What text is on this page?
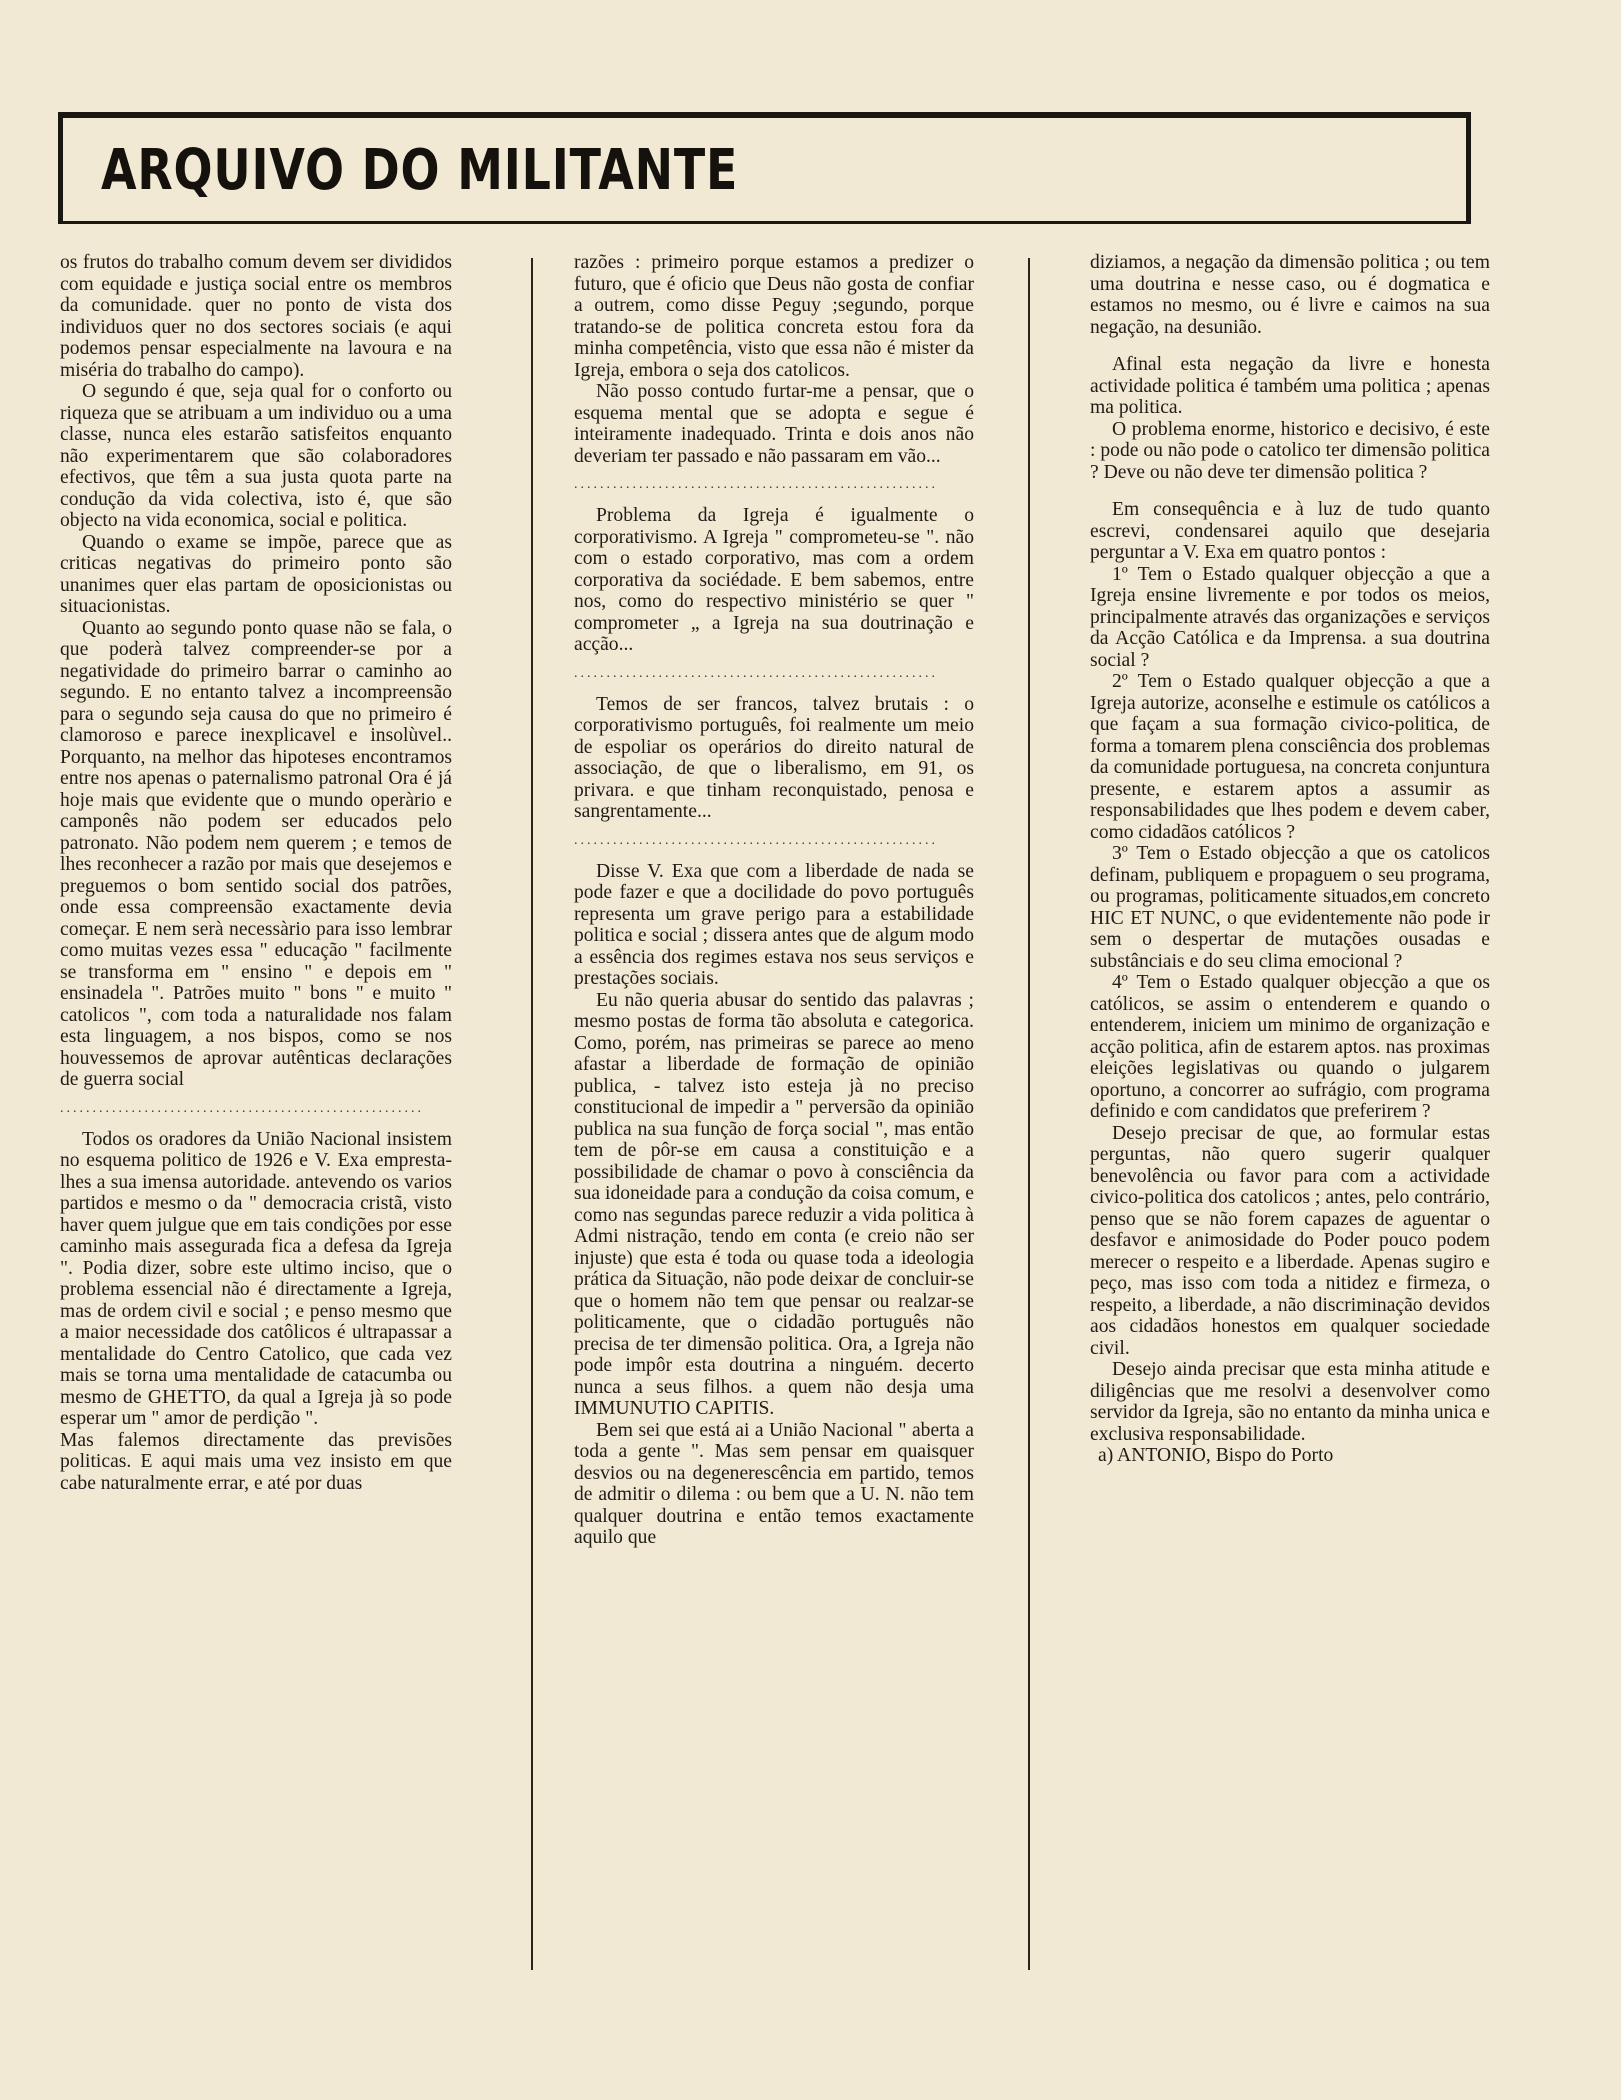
ARQUIVO DO MILITANTE

os frutos do trabalho comum devem ser divididos com equidade e justiça social entre os membros da comunidade. quer no ponto de vista dos individuos quer no dos sectores sociais (e aqui podemos pensar especialmente na lavoura e na miséria do trabalho do campo).

O segundo é que, seja qual for o conforto ou riqueza que se atribuam a um individuo ou a uma classe, nunca eles estarão satisfeitos enquanto não experimentarem que são colaboradores efectivos, que têm a sua justa quota parte na condução da vida colectiva, isto é, que são objecto na vida economica, social e politica.

Quando o exame se impõe, parece que as criticas negativas do primeiro ponto são unanimes quer elas partam de oposicionistas ou situacionistas.

Quanto ao segundo ponto quase não se fala, o que poderà talvez compreender-se por a negatividade do primeiro barrar o caminho ao segundo. E no entanto talvez a incompreensão para o segundo seja causa do que no primeiro é clamoroso e parece inexplicavel e insolùvel.. Porquanto, na melhor das hipoteses encontramos entre nos apenas o paternalismo patronal Ora é já hoje mais que evidente que o mundo operàrio e camponês não podem ser educados pelo patronato. Não podem nem querem ; e temos de lhes reconhecer a razão por mais que desejemos e preguemos o bom sentido social dos patrões, onde essa compreensão exactamente devia começar. E nem serà necessàrio para isso lembrar como muitas vezes essa " educação " facilmente se transforma em " ensino " e depois em " ensinadela ". Patrões muito " bons " e muito " catolicos ", com toda a naturalidade nos falam esta linguagem, a nos bispos, como se nos houvessemos de aprovar autênticas declarações de guerra social

........................................................

Todos os oradores da União Nacional insistem no esquema politico de 1926 e V. Exa empresta-lhes a sua imensa autoridade. antevendo os varios partidos e mesmo o da " democracia cristã, visto haver quem julgue que em tais condições por esse caminho mais assegurada fica a defesa da Igreja ". Podia dizer, sobre este ultimo inciso, que o problema essencial não é directamente a Igreja, mas de ordem civil e social ; e penso mesmo que a maior necessidade dos catôlicos é ultrapassar a mentalidade do Centro Catolico, que cada vez mais se torna uma mentalidade de catacumba ou mesmo de GHETTO, da qual a Igreja jà so pode esperar um " amor de perdição ".

Mas falemos directamente das previsões politicas. E aqui mais uma vez insisto em que cabe naturalmente errar, e até por duas

razões : primeiro porque estamos a predizer o futuro, que é oficio que Deus não gosta de confiar a outrem, como disse Peguy ;segundo, porque tratando-se de politica concreta estou fora da minha competência, visto que essa não é mister da Igreja, embora o seja dos catolicos.

Não posso contudo furtar-me a pensar, que o esquema mental que se adopta e segue é inteiramente inadequado. Trinta e dois anos não deveriam ter passado e não passaram em vão...

........................................................

Problema da Igreja é igualmente o corporativismo. A Igreja " comprometeu-se ". não com o estado corporativo, mas com a ordem corporativa da sociédade. E bem sabemos, entre nos, como do respectivo ministério se quer " comprometer „ a Igreja na sua doutrinação e acção...

........................................................

Temos de ser francos, talvez brutais : o corporativismo português, foi realmente um meio de espoliar os operários do direito natural de associação, de que o liberalismo, em 91, os privara. e que tinham reconquistado, penosa e sangrentamente...

........................................................

Disse V. Exa que com a liberdade de nada se pode fazer e que a docilidade do povo português representa um grave perigo para a estabilidade politica e social ; dissera antes que de algum modo a essência dos regimes estava nos seus serviços e prestações sociais.

Eu não queria abusar do sentido das palavras ; mesmo postas de forma tão absoluta e categorica. Como, porém, nas primeiras se parece ao meno afastar a liberdade de formação de opinião publica, - talvez isto esteja jà no preciso constitucional de impedir a " perversão da opinião publica na sua função de força social ", mas então tem de pôr-se em causa a constituição e a possibilidade de chamar o povo à consciência da sua idoneidade para a condução da coisa comum, e como nas segundas parece reduzir a vida politica à Admi nistração, tendo em conta (e creio não ser injuste) que esta é toda ou quase toda a ideologia prática da Situação, não pode deixar de concluir-se que o homem não tem que pensar ou realzar-se politicamente, que o cidadão português não precisa de ter dimensão politica. Ora, a Igreja não pode impôr esta doutrina a ninguém. decerto nunca a seus filhos. a quem não desja uma IMMUNUTIO CAPITIS.

Bem sei que está ai a União Nacional " aberta a toda a gente ". Mas sem pensar em quaisquer desvios ou na degenerescência em partido, temos de admitir o dilema : ou bem que a U. N. não tem qualquer doutrina e então temos exactamente aquilo que

diziamos, a negação da dimensão politica ; ou tem uma doutrina e nesse caso, ou é dogmatica e estamos no mesmo, ou é livre e caimos na sua negação, na desunião.

Afinal esta negação da livre e honesta actividade politica é também uma politica ; apenas ma politica.

O problema enorme, historico e decisivo, é este : pode ou não pode o catolico ter dimensão politica ? Deve ou não deve ter dimensão politica ?

Em consequência e à luz de tudo quanto escrevi, condensarei aquilo que desejaria perguntar a V. Exa em quatro pontos :

1º Tem o Estado qualquer objecção a que a Igreja ensine livremente e por todos os meios, principalmente através das organizações e serviços da Acção Católica e da Imprensa. a sua doutrina social ?

2º Tem o Estado qualquer objecção a que a Igreja autorize, aconselhe e estimule os católicos a que façam a sua formação civico-politica, de forma a tomarem plena consciência dos problemas da comunidade portuguesa, na concreta conjuntura presente, e estarem aptos a assumir as responsabilidades que lhes podem e devem caber, como cidadãos católicos ?

3º Tem o Estado objecção a que os catolicos definam, publiquem e propaguem o seu programa, ou programas, politicamente situados,em concreto HIC ET NUNC, o que evidentemente não pode ir sem o despertar de mutações ousadas e substânciais e do seu clima emocional ?

4º Tem o Estado qualquer objecção a que os católicos, se assim o entenderem e quando o entenderem, iniciem um minimo de organização e acção politica, afin de estarem aptos. nas proximas eleições legislativas ou quando o julgarem oportuno, a concorrer ao sufrágio, com programa definido e com candidatos que preferirem ?

Desejo precisar de que, ao formular estas perguntas, não quero sugerir qualquer benevolência ou favor para com a actividade civico-politica dos catolicos ; antes, pelo contrário, penso que se não forem capazes de aguentar o desfavor e animosidade do Poder pouco podem merecer o respeito e a liberdade. Apenas sugiro e peço, mas isso com toda a nitidez e firmeza, o respeito, a liberdade, a não discriminação devidos aos cidadãos honestos em qualquer sociedade civil.

Desejo ainda precisar que esta minha atitude e diligências que me resolvi a desenvolver como servidor da Igreja, são no entanto da minha unica e exclusiva responsabilidade.

a) ANTONIO, Bispo do Porto
